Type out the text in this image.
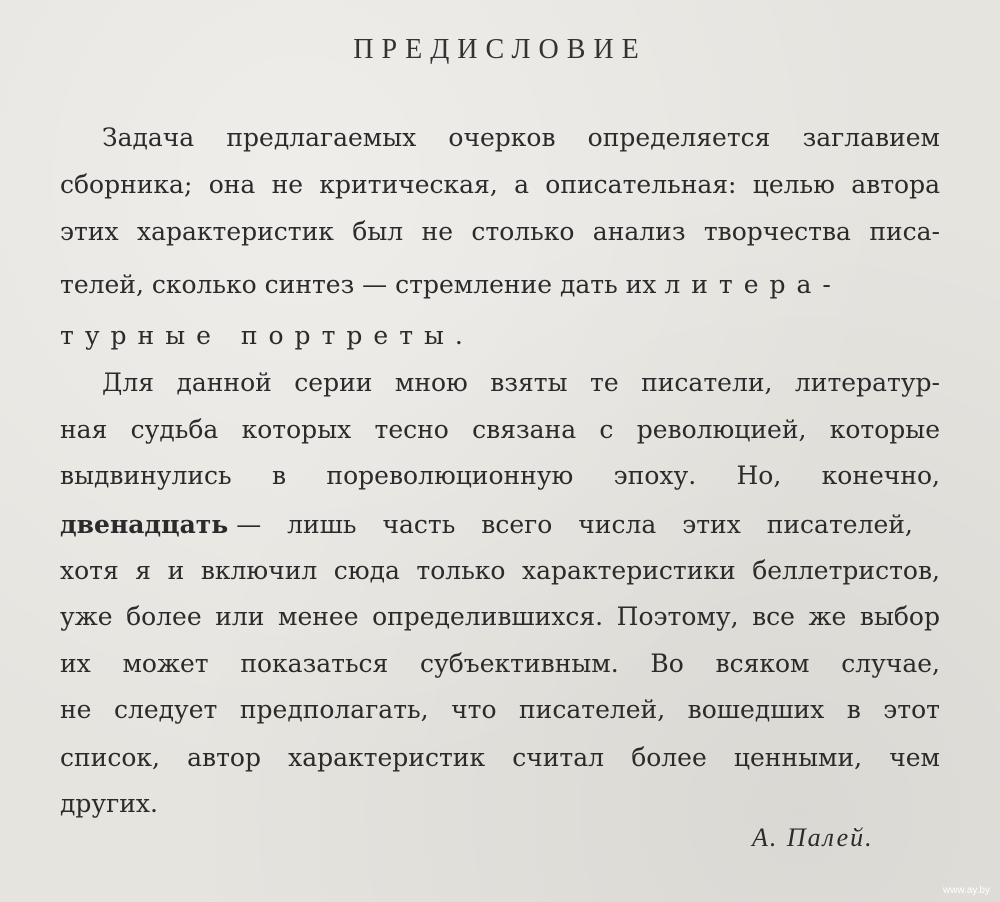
ПРЕДИСЛОВИЕ
Задача предлагаемых очерков определяется заглавием
сборника; она не критическая, а описательная: целью автора
этих характеристик был не столько анализ творчества писа-
телей, сколько синтез — стремление дать их литера-
турные портреты.
Для данной серии мною взяты те писатели, литератур-
ная судьба которых тесно связана с революцией, которые
выдвинулись в пореволюционную эпоху. Но, конечно,
двенадцать — лишь часть всего числа этих писателей,
хотя я и включил сюда только характеристики беллетристов,
уже более или менее определившихся. Поэтому, все же выбор
их может показаться субъективным. Во всяком случае,
не следует предполагать, что писателей, вошедших в этот
список, автор характеристик считал более ценными, чем
других.
А. Палей.
www.ay.by
